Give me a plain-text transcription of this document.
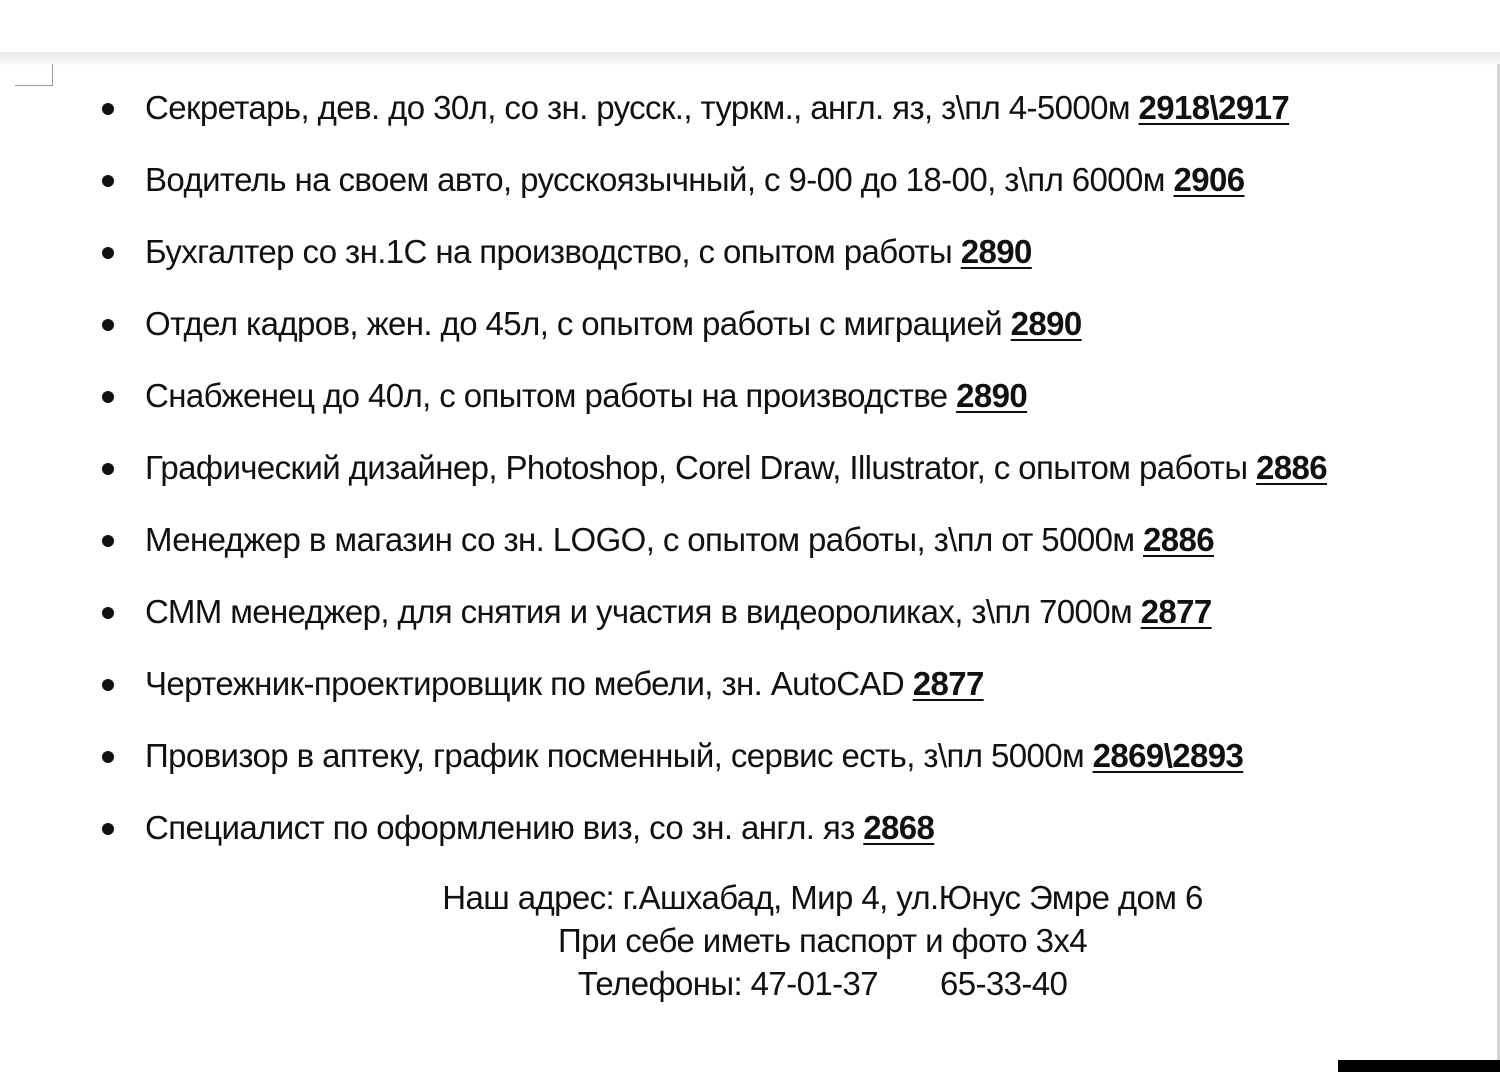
Секретарь, дев. до 30л, со зн. русск., туркм., англ. яз, з\пл 4-5000м 2918\2917
Водитель на своем авто, русскоязычный, с 9-00 до 18-00, з\пл 6000м 2906
Бухгалтер со зн.1С на производство, с опытом работы 2890
Отдел кадров, жен. до 45л, с опытом работы с миграцией 2890
Снабженец до 40л, с опытом работы на производстве 2890
Графический дизайнер, Photoshop, Corel Draw, Illustrator, с опытом работы 2886
Менеджер в магазин со зн. LOGO, с опытом работы, з\пл от 5000м 2886
СММ менеджер, для снятия и участия в видеороликах, з\пл 7000м 2877
Чертежник-проектировщик по мебели, зн. AutoCAD 2877
Провизор в аптеку, график посменный, сервис есть, з\пл 5000м 2869\2893
Специалист по оформлению виз, со зн. англ. яз 2868
Наш адрес: г.Ашхабад, Мир 4, ул.Юнус Эмре дом 6
При себе иметь паспорт и фото 3х4
Телефоны: 47-01-37 65-33-40
